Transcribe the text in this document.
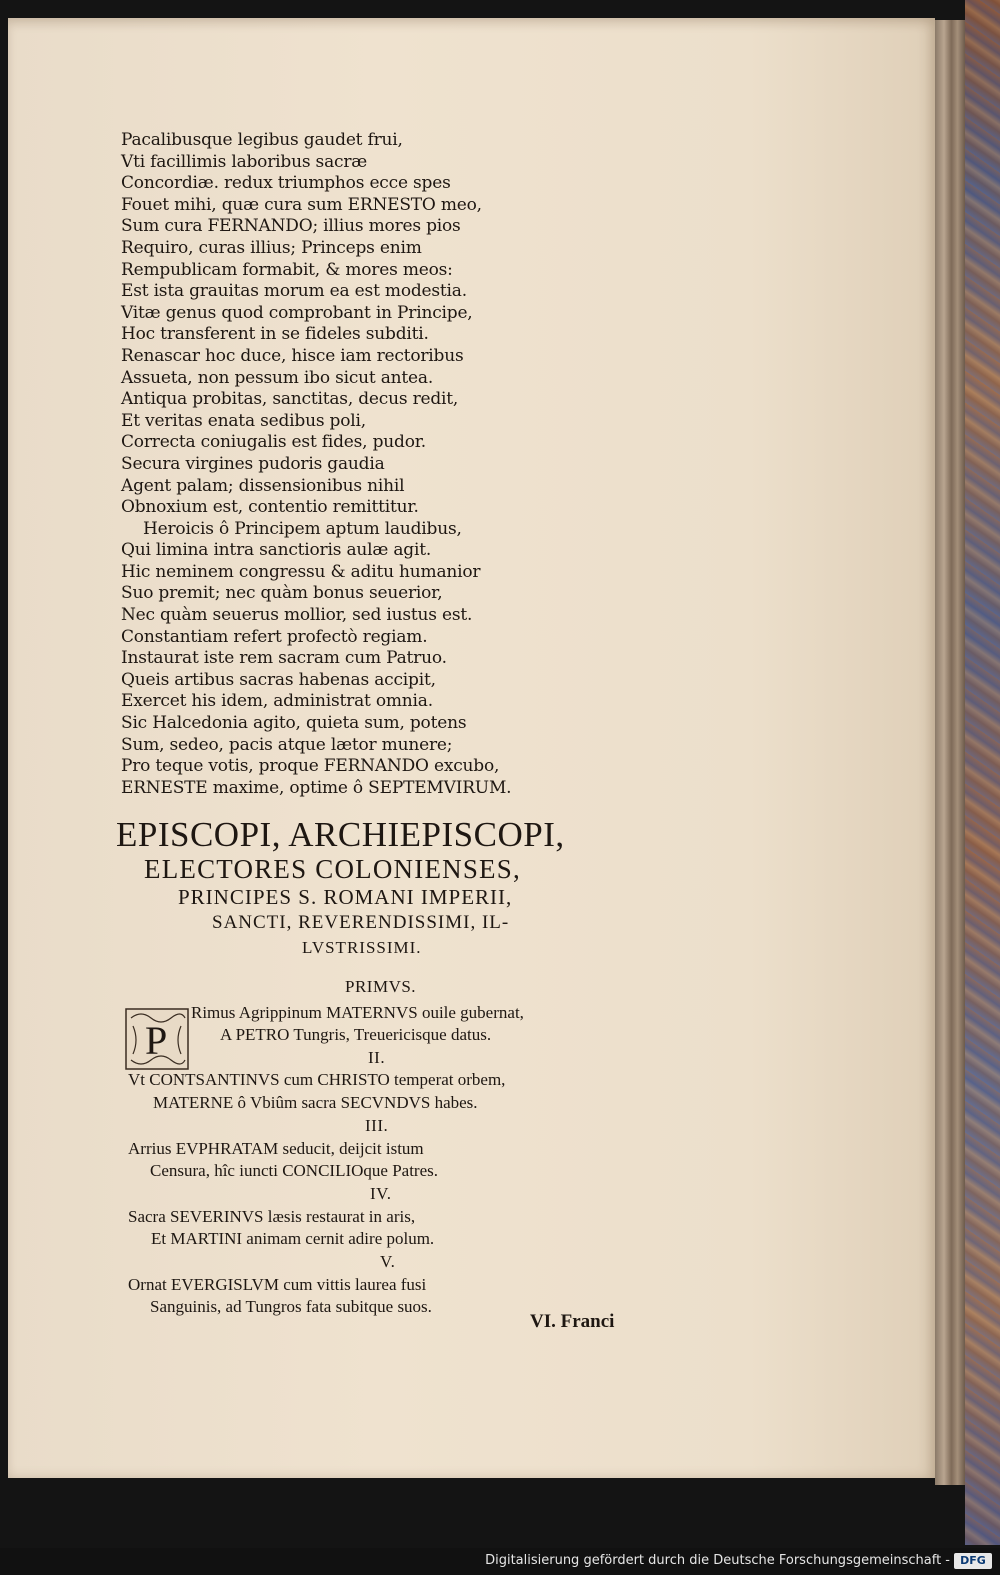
Pacalibusque legibus gaudet frui,
Vti facillimis laboribus sacræ
Concordiæ. redux triumphos ecce spes
Fouet mihi, quæ cura sum ERNESTO meo,
Sum cura FERNANDO; illius mores pios
Requiro, curas illius; Princeps enim
Rempublicam formabit, & mores meos:
Est ista grauitas morum ea est modestia.
Vitæ genus quod comprobant in Principe,
Hoc transferent in se fideles subditi.
Renascar hoc duce, hisce iam rectoribus
Assueta, non pessum ibo sicut antea.
Antiqua probitas, sanctitas, decus redit,
Et veritas enata sedibus poli,
Correcta coniugalis est fides, pudor.
Secura virgines pudoris gaudia
Agent palam; dissensionibus nihil
Obnoxium est, contentio remittitur.
Heroicis ô Principem aptum laudibus,
Qui limina intra sanctioris aulæ agit.
Hic neminem congressu & aditu humanior
Suo premit; nec quàm bonus seuerior,
Nec quàm seuerus mollior, sed iustus est.
Constantiam refert profectò regiam.
Instaurat iste rem sacram cum Patruo.
Queis artibus sacras habenas accipit,
Exercet his idem, administrat omnia.
Sic Halcedonia agito, quieta sum, potens
Sum, sedeo, pacis atque lætor munere;
Pro teque votis, proque FERNANDO excubo,
ERNESTE maxime, optime ô SEPTEMVIRUM.
EPISCOPI, ARCHIEPISCOPI,
ELECTORES COLONIENSES,
PRINCIPES S. ROMANI IMPERII,
SANCTI, REVERENDISSIMI, IL-
LVSTRISSIMI.
P
PRIMVS.
Rimus Agrippinum MATERNVS ouile gubernat,
A PETRO Tungris, Treuericisque datus.
II.
Vt CONTSANTINVS cum CHRISTO temperat orbem,
MATERNE ô Vbiûm sacra SECVNDVS habes.
III.
Arrius EVPHRATAM seducit, deijcit istum
Censura, hîc iuncti CONCILIOque Patres.
IV.
Sacra SEVERINVS læsis restaurat in aris,
Et MARTINI animam cernit adire polum.
V.
Ornat EVERGISLVM cum vittis laurea fusi
Sanguinis, ad Tungros fata subitque suos.
VI. Franci
Digitalisierung gefördert durch die Deutsche Forschungsgemeinschaft - DFG
